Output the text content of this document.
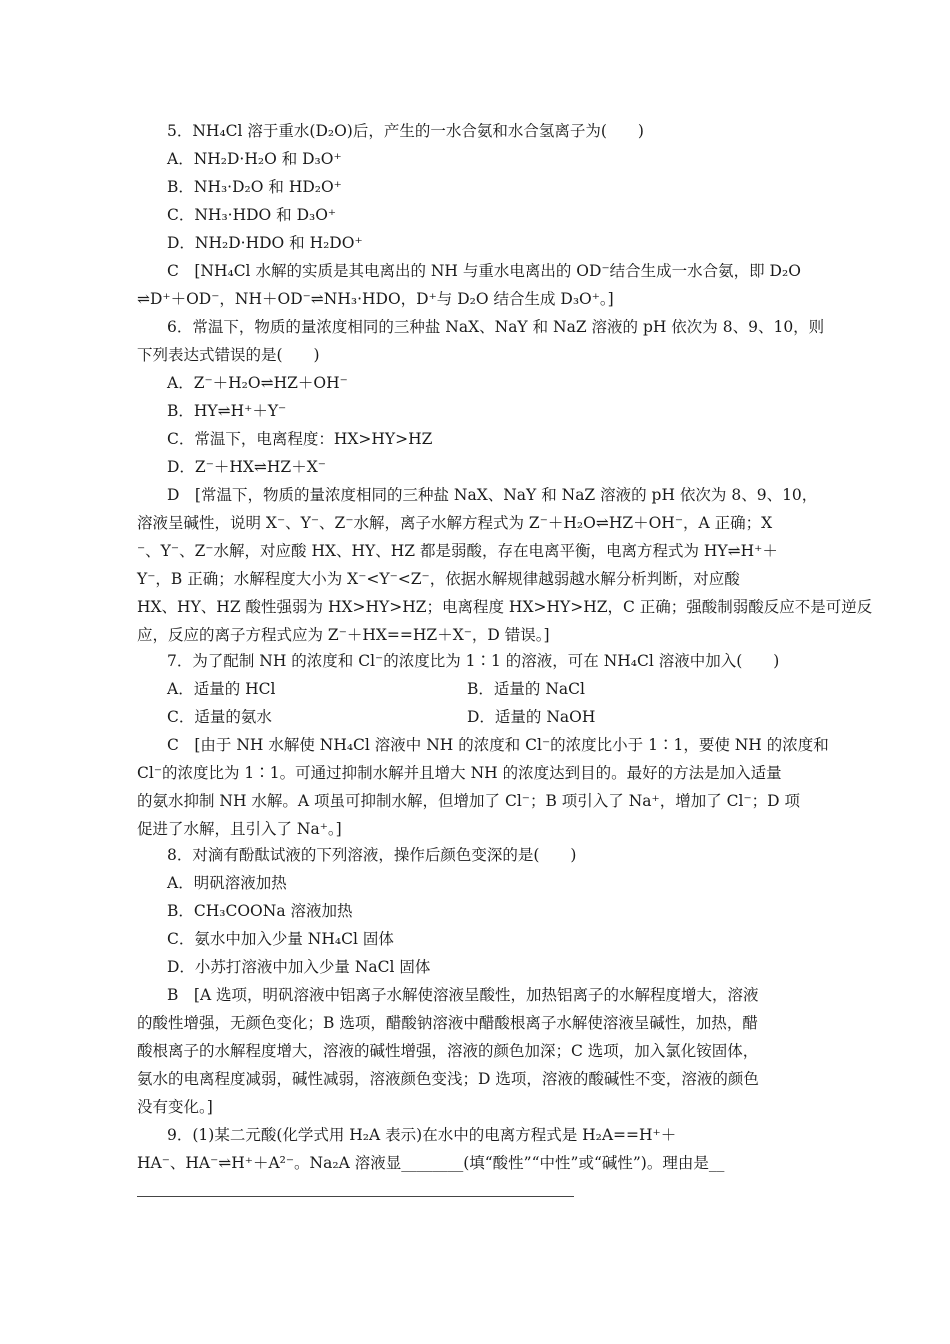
5．NH₄Cl 溶于重水(D₂O)后，产生的一水合氨和水合氢离子为(　　)
A．NH₂D·H₂O 和 D₃O⁺
B．NH₃·D₂O 和 HD₂O⁺
C．NH₃·HDO 和 D₃O⁺
D．NH₂D·HDO 和 H₂DO⁺
C　[NH₄Cl 水解的实质是其电离出的 NH 与重水电离出的 OD⁻结合生成一水合氨，即 D₂O
⇌D⁺＋OD⁻，NH＋OD⁻⇌NH₃·HDO，D⁺与 D₂O 结合生成 D₃O⁺。]
6．常温下，物质的量浓度相同的三种盐 NaX、NaY 和 NaZ 溶液的 pH 依次为 8、9、10，则
下列表达式错误的是(　　)
A．Z⁻＋H₂O⇌HZ＋OH⁻
B．HY⇌H⁺＋Y⁻
C．常温下，电离程度：HX>HY>HZ
D．Z⁻＋HX⇌HZ＋X⁻
D　[常温下，物质的量浓度相同的三种盐 NaX、NaY 和 NaZ 溶液的 pH 依次为 8、9、10，
溶液呈碱性，说明 X⁻、Y⁻、Z⁻水解，离子水解方程式为 Z⁻＋H₂O⇌HZ＋OH⁻，A 正确；X
⁻、Y⁻、Z⁻水解，对应酸 HX、HY、HZ 都是弱酸，存在电离平衡，电离方程式为 HY⇌H⁺＋
Y⁻，B 正确；水解程度大小为 X⁻<Y⁻<Z⁻，依据水解规律越弱越水解分析判断，对应酸
HX、HY、HZ 酸性强弱为 HX>HY>HZ；电离程度 HX>HY>HZ，C 正确；强酸制弱酸反应不是可逆反
应，反应的离子方程式应为 Z⁻＋HX==HZ＋X⁻，D 错误。]
7．为了配制 NH 的浓度和 Cl⁻的浓度比为 1∶1 的溶液，可在 NH₄Cl 溶液中加入(　　)
A．适量的 HCl	B．适量的 NaCl
C．适量的氨水	D．适量的 NaOH
C　[由于 NH 水解使 NH₄Cl 溶液中 NH 的浓度和 Cl⁻的浓度比小于 1∶1，要使 NH 的浓度和
Cl⁻的浓度比为 1∶1。可通过抑制水解并且增大 NH 的浓度达到目的。最好的方法是加入适量
的氨水抑制 NH 水解。A 项虽可抑制水解，但增加了 Cl⁻；B 项引入了 Na⁺，增加了 Cl⁻；D 项
促进了水解，且引入了 Na⁺。]
8．对滴有酚酞试液的下列溶液，操作后颜色变深的是(　　)
A．明矾溶液加热
B．CH₃COONa 溶液加热
C．氨水中加入少量 NH₄Cl 固体
D．小苏打溶液中加入少量 NaCl 固体
B　[A 选项，明矾溶液中铝离子水解使溶液呈酸性，加热铝离子的水解程度增大，溶液
的酸性增强，无颜色变化；B 选项，醋酸钠溶液中醋酸根离子水解使溶液呈碱性，加热，醋
酸根离子的水解程度增大，溶液的碱性增强，溶液的颜色加深；C 选项，加入氯化铵固体，
氨水的电离程度减弱，碱性减弱，溶液颜色变浅；D 选项，溶液的酸碱性不变，溶液的颜色
没有变化。]
9．(1)某二元酸(化学式用 H₂A 表示)在水中的电离方程式是 H₂A==H⁺＋
HA⁻、HA⁻⇌H⁺＋A²⁻。Na₂A 溶液显________(填“酸性”“中性”或“碱性”)。理由是__
